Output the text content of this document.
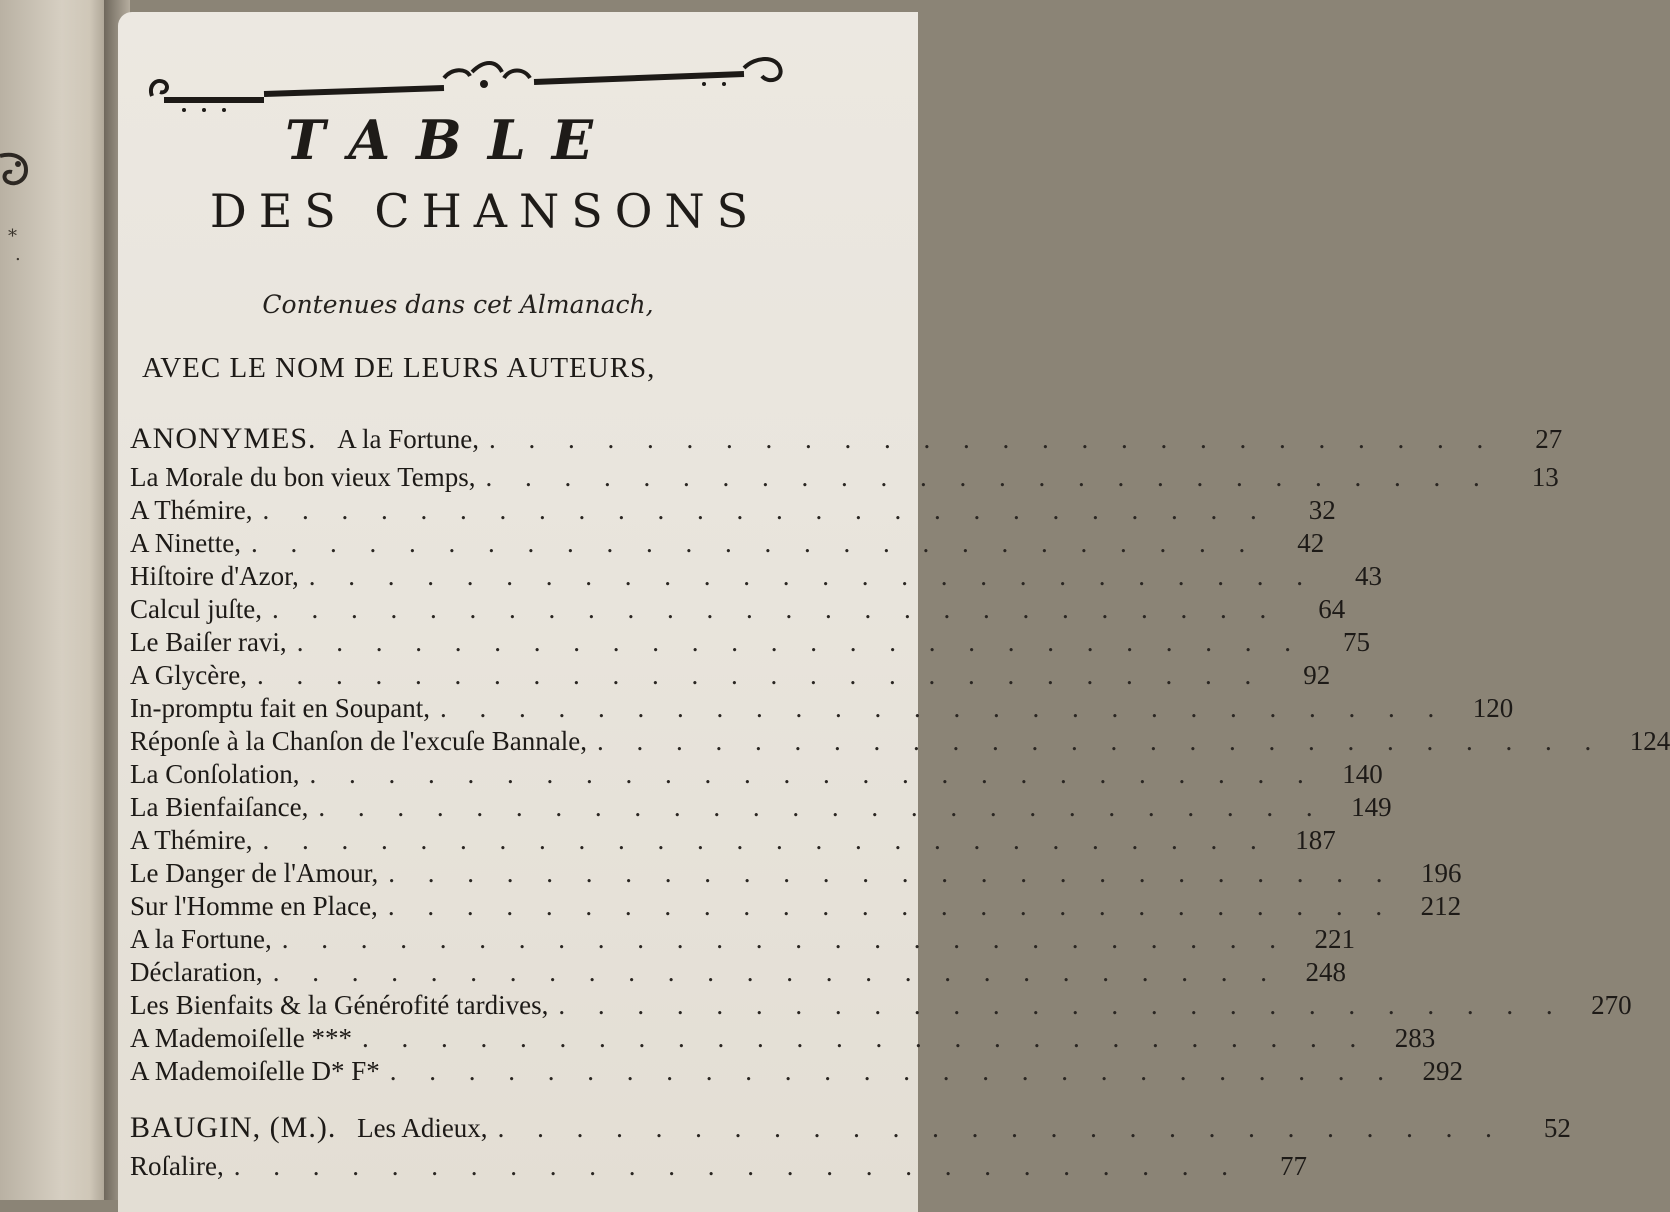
*
.
TABLE
DES CHANSONS
Contenues dans cet Almanach,
AVEC LE NOM DE LEURS AUTEURS,
ANONYMES. A la Fortune, . . . . . . . . . . . . . . . . . . . . . . . . . .	27
La Morale du bon vieux Temps, . . . . . . . . . . . . . . . . . . . . . . . . . .	13
A Thémire, . . . . . . . . . . . . . . . . . . . . . . . . . .	32
A Ninette, . . . . . . . . . . . . . . . . . . . . . . . . . .	42
Hiſtoire d'Azor, . . . . . . . . . . . . . . . . . . . . . . . . . .	43
Calcul juſte, . . . . . . . . . . . . . . . . . . . . . . . . . .	64
Le Baiſer ravi, . . . . . . . . . . . . . . . . . . . . . . . . . .	75
A Glycère, . . . . . . . . . . . . . . . . . . . . . . . . . .	92
In-promptu fait en Soupant, . . . . . . . . . . . . . . . . . . . . . . . . . . 120
Réponſe à la Chanſon de l'excuſe Bannale, . . . . . . . . . . . . . . . . . . . . . . . . . . 124
La Conſolation, . . . . . . . . . . . . . . . . . . . . . . . . . . 140
La Bienfaiſance, . . . . . . . . . . . . . . . . . . . . . . . . . . 149
A Thémire, . . . . . . . . . . . . . . . . . . . . . . . . . . 187
Le Danger de l'Amour, . . . . . . . . . . . . . . . . . . . . . . . . . . 196
Sur l'Homme en Place, . . . . . . . . . . . . . . . . . . . . . . . . . . 212
A la Fortune, . . . . . . . . . . . . . . . . . . . . . . . . . . 221
Déclaration, . . . . . . . . . . . . . . . . . . . . . . . . . . 248
Les Bienfaits & la Générofité tardives, . . . . . . . . . . . . . . . . . . . . . . . . . . 270
A Mademoiſelle *** . . . . . . . . . . . . . . . . . . . . . . . . . . 283
A Mademoiſelle D* F* . . . . . . . . . . . . . . . . . . . . . . . . . . 292
BAUGIN, (M.). Les Adieux, . . . . . . . . . . . . . . . . . . . . . . . . . .	52
Roſalire, . . . . . . . . . . . . . . . . . . . . . . . . . .	77
